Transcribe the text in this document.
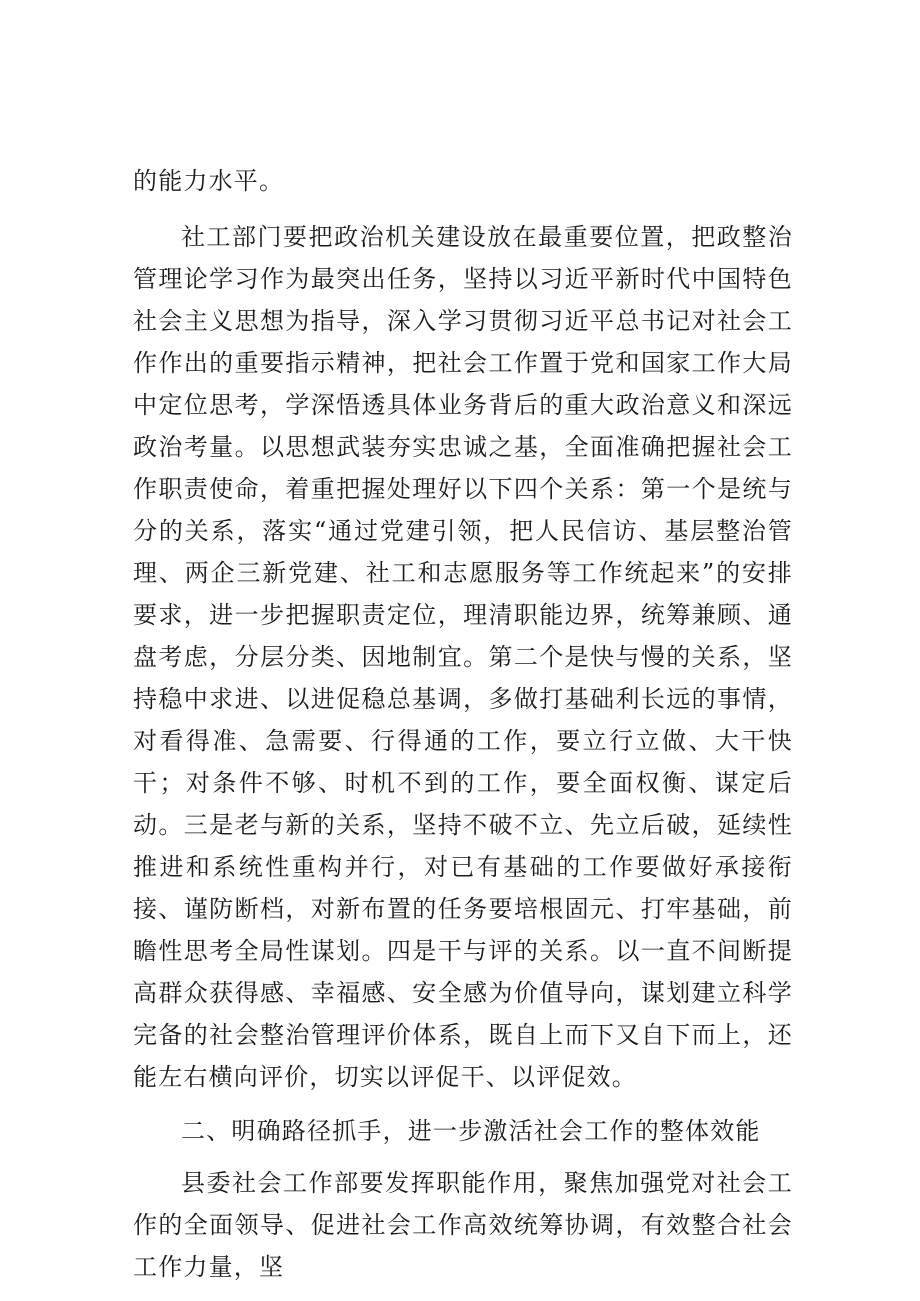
的能力水平。

社工部门要把政治机关建设放在最重要位置，把政整治管理论学习作为最突出任务，坚持以习近平新时代中国特色社会主义思想为指导，深入学习贯彻习近平总书记对社会工作作出的重要指示精神，把社会工作置于党和国家工作大局中定位思考，学深悟透具体业务背后的重大政治意义和深远政治考量。以思想武装夯实忠诚之基，全面准确把握社会工作职责使命，着重把握处理好以下四个关系：第一个是统与分的关系，落实“通过党建引领，把人民信访、基层整治管理、两企三新党建、社工和志愿服务等工作统起来”的安排要求，进一步把握职责定位，理清职能边界，统筹兼顾、通盘考虑，分层分类、因地制宜。第二个是快与慢的关系，坚持稳中求进、以进促稳总基调，多做打基础利长远的事情，对看得准、急需要、行得通的工作，要立行立做、大干快干；对条件不够、时机不到的工作，要全面权衡、谋定后动。三是老与新的关系，坚持不破不立、先立后破，延续性推进和系统性重构并行，对已有基础的工作要做好承接衔接、谨防断档，对新布置的任务要培根固元、打牢基础，前瞻性思考全局性谋划。四是干与评的关系。以一直不间断提高群众获得感、幸福感、安全感为价值导向，谋划建立科学完备的社会整治管理评价体系，既自上而下又自下而上，还能左右横向评价，切实以评促干、以评促效。

二、明确路径抓手，进一步激活社会工作的整体效能

县委社会工作部要发挥职能作用，聚焦加强党对社会工作的全面领导、促进社会工作高效统筹协调，有效整合社会工作力量，坚
